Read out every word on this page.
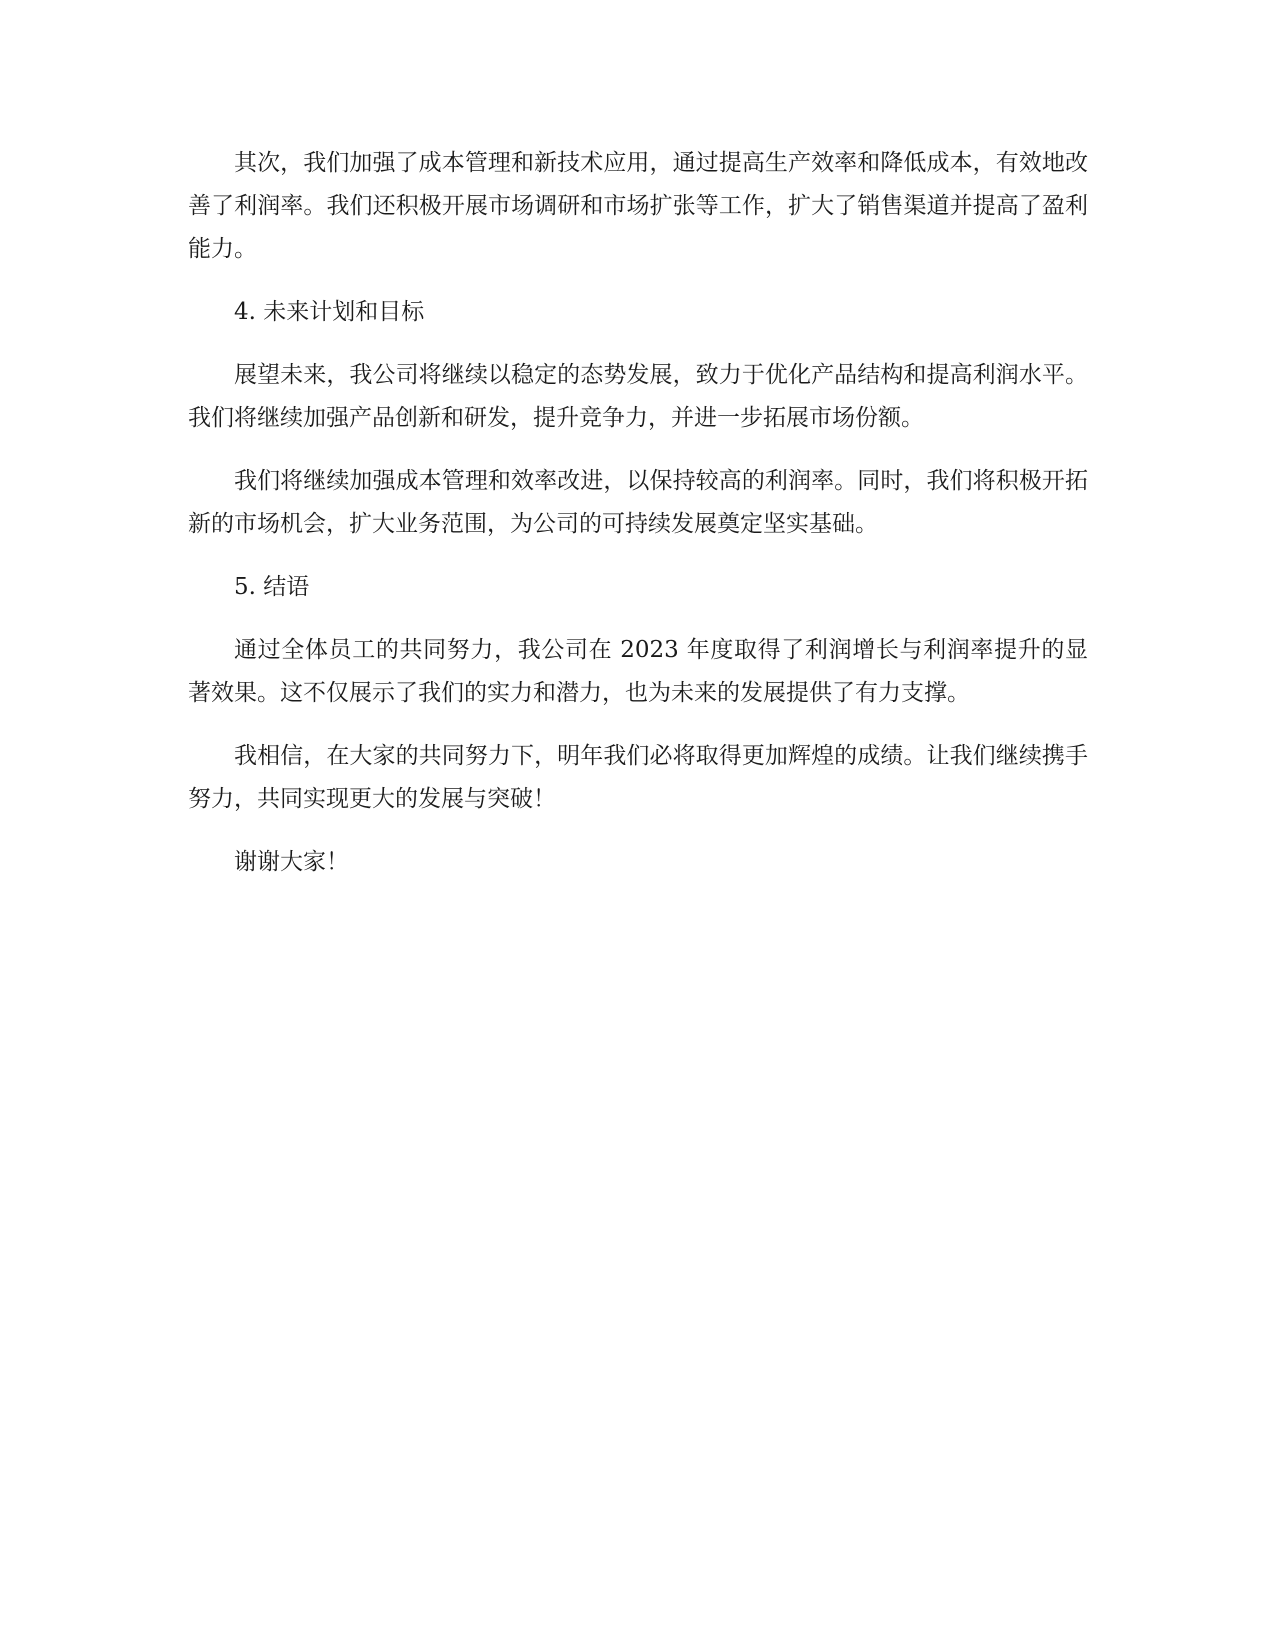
其次，我们加强了成本管理和新技术应用，通过提高生产效率和降低成本，有效地改善了利润率。我们还积极开展市场调研和市场扩张等工作，扩大了销售渠道并提高了盈利能力。

4. 未来计划和目标

展望未来，我公司将继续以稳定的态势发展，致力于优化产品结构和提高利润水平。我们将继续加强产品创新和研发，提升竞争力，并进一步拓展市场份额。

我们将继续加强成本管理和效率改进，以保持较高的利润率。同时，我们将积极开拓新的市场机会，扩大业务范围，为公司的可持续发展奠定坚实基础。

5. 结语

通过全体员工的共同努力，我公司在 2023 年度取得了利润增长与利润率提升的显著效果。这不仅展示了我们的实力和潜力，也为未来的发展提供了有力支撑。

我相信，在大家的共同努力下，明年我们必将取得更加辉煌的成绩。让我们继续携手努力，共同实现更大的发展与突破！

谢谢大家！
